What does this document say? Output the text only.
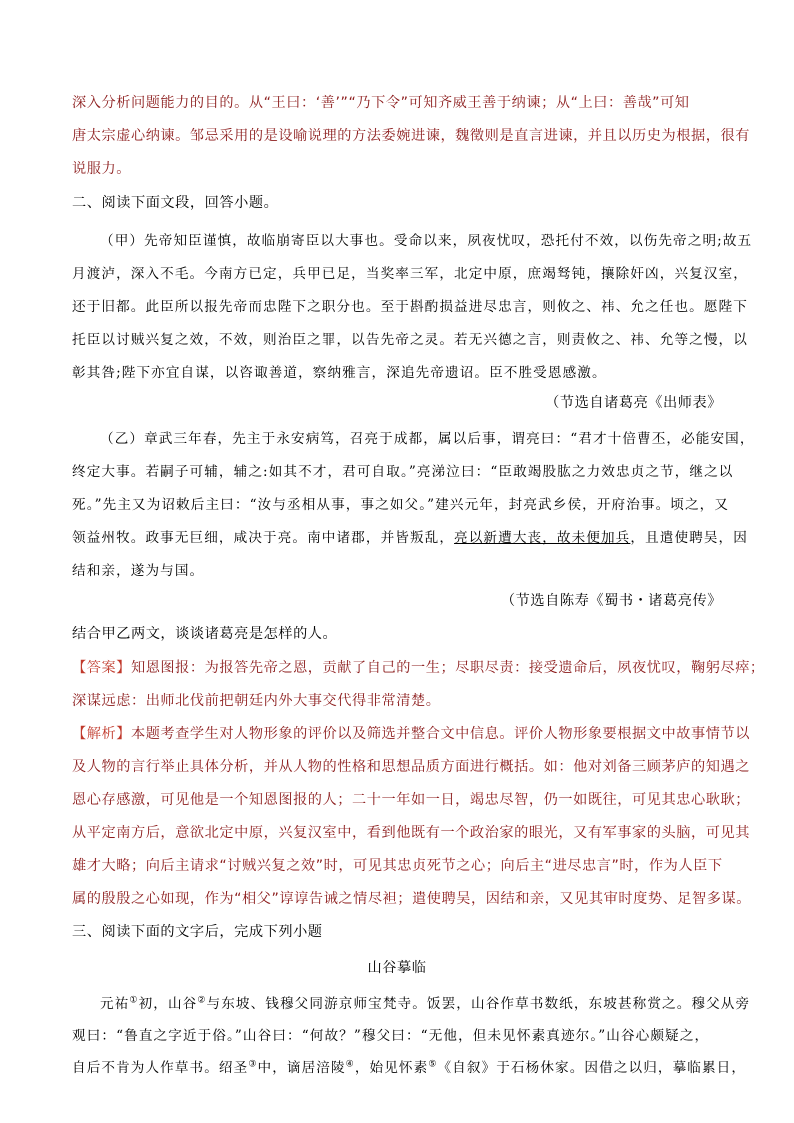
深入分析问题能力的目的。从“王曰：‘善’”“乃下令”可知齐威王善于纳谏；从“上曰：善哉”可知
唐太宗虚心纳谏。邹忌采用的是设喻说理的方法委婉进谏，魏徵则是直言进谏，并且以历史为根据，很有
说服力。
二、阅读下面文段，回答小题。
（甲）先帝知臣谨慎，故临崩寄臣以大事也。受命以来，夙夜忧叹，恐托付不效，以伤先帝之明;故五
月渡泸，深入不毛。今南方已定，兵甲已足，当奖率三军，北定中原，庶竭驽钝，攘除奸凶，兴复汉室，
还于旧都。此臣所以报先帝而忠陛下之职分也。至于斟酌损益进尽忠言，则攸之、祎、允之任也。愿陛下
托臣以讨贼兴复之效，不效，则治臣之罪，以告先帝之灵。若无兴德之言，则责攸之、祎、允等之慢，以
彰其咎;陛下亦宜自谋，以咨诹善道，察纳雅言，深追先帝遗诏。臣不胜受恩感激。
（节选自诸葛亮《出师表》
（乙）章武三年春，先主于永安病笃，召亮于成都，属以后事，谓亮曰：“君才十倍曹丕，必能安国，
终定大事。若嗣子可辅，辅之:如其不才，君可自取。”亮涕泣曰：“臣敢竭股肱之力效忠贞之节，继之以
死。”先主又为诏敕后主曰：“汝与丞相从事，事之如父。”建兴元年，封亮武乡侯，开府治事。顷之，又
领益州牧。政事无巨细，咸决于亮。南中诸郡，并皆叛乱，亮以新遭大丧，故未便加兵，且遣使聘吴，因
结和亲，遂为与国。
（节选自陈寿《蜀书・诸葛亮传》
结合甲乙两文，谈谈诸葛亮是怎样的人。
【答案】知恩图报：为报答先帝之恩，贡献了自己的一生；尽职尽责：接受遗命后，夙夜忧叹，鞠躬尽瘁；
深谋远虑：出师北伐前把朝廷内外大事交代得非常清楚。
【解析】本题考查学生对人物形象的评价以及筛选并整合文中信息。评价人物形象要根据文中故事情节以
及人物的言行举止具体分析，并从人物的性格和思想品质方面进行概括。如：他对刘备三顾茅庐的知遇之
恩心存感激，可见他是一个知恩图报的人；二十一年如一日，竭忠尽智，仍一如既往，可见其忠心耿耿；
从平定南方后，意欲北定中原，兴复汉室中，看到他既有一个政治家的眼光，又有军事家的头脑，可见其
雄才大略；向后主请求“讨贼兴复之效”时，可见其忠贞死节之心；向后主“进尽忠言”时，作为人臣下
属的殷殷之心如现，作为“相父”谆谆告诫之情尽袒；遣使聘吴，因结和亲，又见其审时度势、足智多谋。
三、阅读下面的文字后，完成下列小题
山谷摹临
元祐①初，山谷②与东坡、钱穆父同游京师宝梵寺。饭罢，山谷作草书数纸，东坡甚称赏之。穆父从旁
观曰：“鲁直之字近于俗。”山谷曰：“何故？”穆父曰：“无他，但未见怀素真迹尔。”山谷心颇疑之，
自后不肯为人作草书。绍圣③中，谪居涪陵④，始见怀素⑤《自叙》于石杨休家。因借之以归，摹临累日，
